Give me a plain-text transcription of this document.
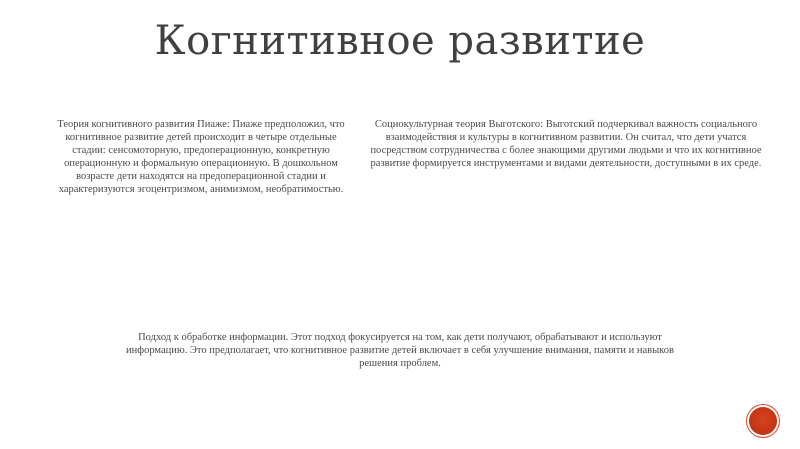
Когнитивное развитие

Теория когнитивного развития Пиаже: Пиаже предположил, что когнитивное развитие детей происходит в четыре отдельные стадии: сенсомоторную, предоперационную, конкретную операционную и формальную операционную. В дошкольном возрасте дети находятся на предоперационной стадии и характеризуются эгоцентризмом, анимизмом, необратимостью.

Социокультурная теория Выготского: Выготский подчеркивал важность социального взаимодействия и культуры в когнитивном развитии. Он считал, что дети учатся посредством сотрудничества с более знающими другими людьми и что их когнитивное развитие формируется инструментами и видами деятельности, доступными в их среде.

Подход к обработке информации. Этот подход фокусируется на том, как дети получают, обрабатывают и используют информацию. Это предполагает, что когнитивное развитие детей включает в себя улучшение внимания, памяти и навыков решения проблем.
